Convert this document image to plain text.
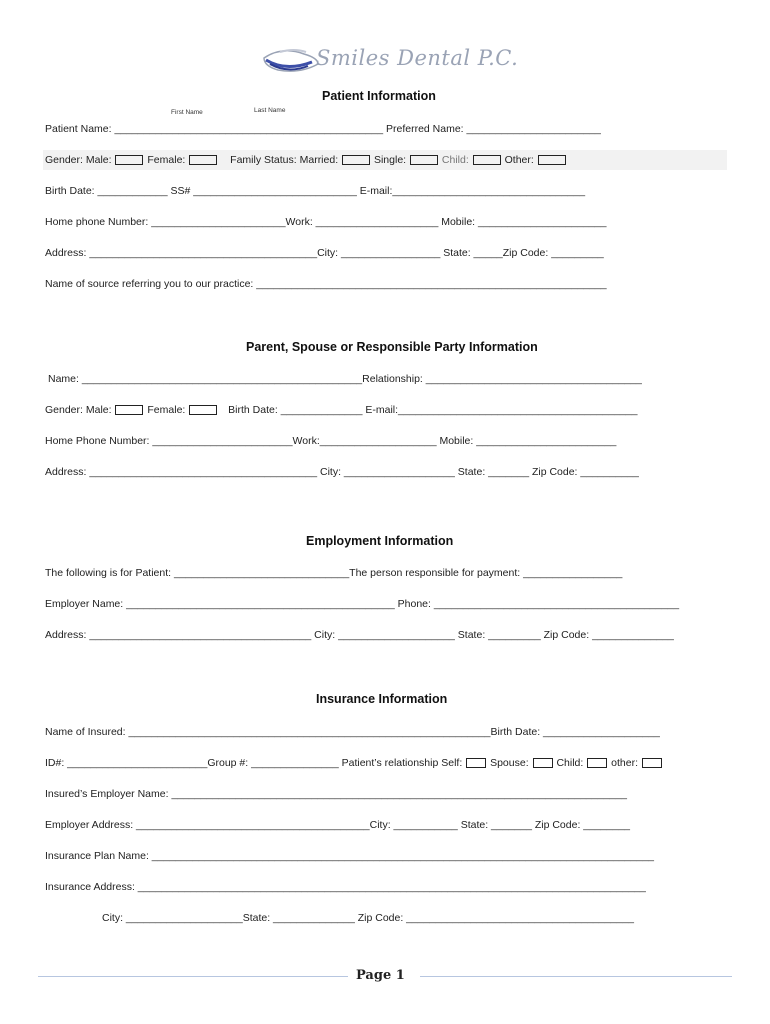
Smiles Dental P.C.
Patient Information
First Name	Last Name
Patient Name: ______________________________________________ Preferred Name: _______________________
Gender: Male:	Female:	Family Status: Married:	Single:	Child:	Other:
Birth Date: ____________ SS# ____________________________ E-mail:_________________________________
Home phone Number: _______________________Work: _____________________ Mobile: ______________________
Address: _______________________________________City: _________________ State: _____Zip Code: _________
Name of source referring you to our practice: ____________________________________________________________
Parent, Spouse or Responsible Party Information
Name: ________________________________________________Relationship: _____________________________________
Gender: Male:	Female:	Birth Date: ______________ E-mail:_________________________________________
Home Phone Number: ________________________Work:____________________ Mobile: ________________________
Address: _______________________________________ City: ___________________ State: _______ Zip Code: __________
Employment Information
The following is for Patient: ______________________________The person responsible for payment: _________________
Employer Name: ______________________________________________ Phone: __________________________________________
Address: ______________________________________ City: ____________________ State: _________ Zip Code: ______________
Insurance Information
Name of Insured: ______________________________________________________________Birth Date: ____________________
ID#: ________________________Group #: _______________ Patient’s relationship Self:	Spouse:	Child:	other:
Insured’s Employer Name: ______________________________________________________________________________
Employer Address: ________________________________________City: ___________ State: _______ Zip Code: ________
Insurance Plan Name: ______________________________________________________________________________________
Insurance Address: _______________________________________________________________________________________
City: ____________________State: ______________ Zip Code: _______________________________________
Page 1
